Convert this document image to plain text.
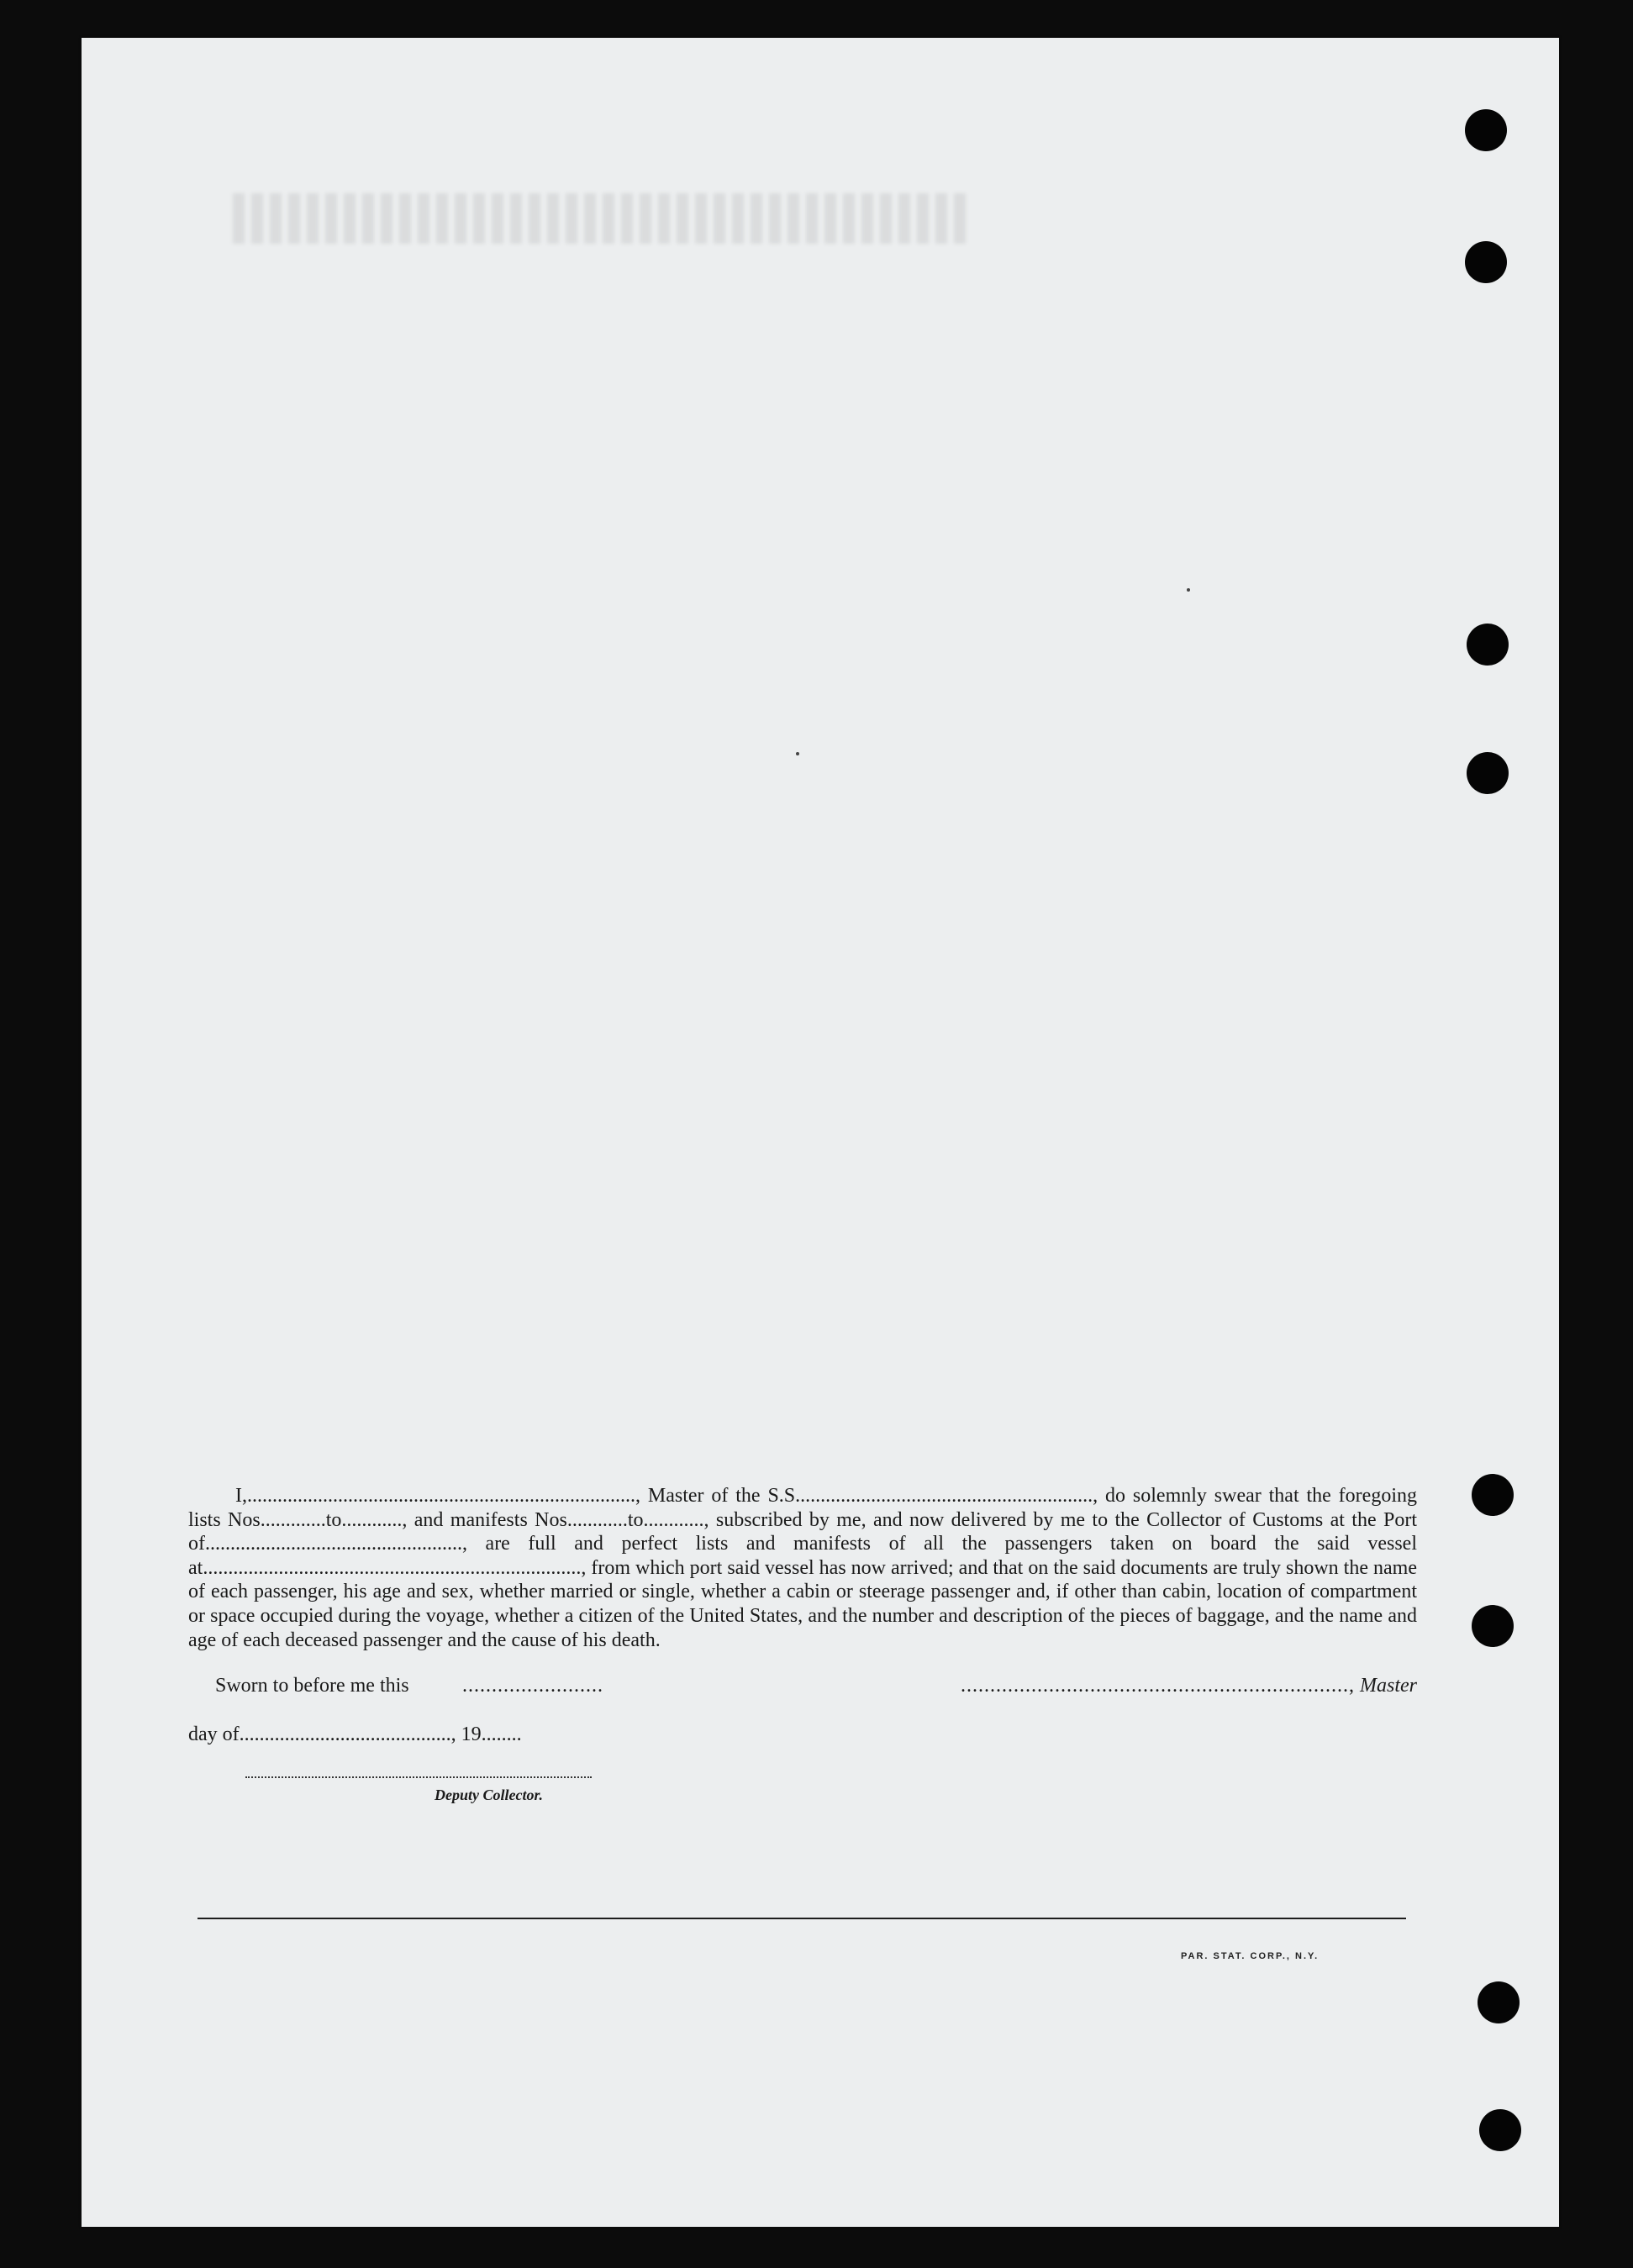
I,............................................................................., Master of the S.S..........................................................., do solemnly swear that the foregoing lists Nos.............to............, and manifests Nos............to............, subscribed by me, and now delivered by me to the Collector of Customs at the Port of..................................................., are full and perfect lists and manifests of all the passengers taken on board the said vessel at..........................................................................., from which port said vessel has now arrived; and that on the said documents are truly shown the name of each passenger, his age and sex, whether married or single, whether a cabin or steerage passenger and, if other than cabin, location of compartment or space occupied during the voyage, whether a citizen of the United States, and the number and description of the pieces of baggage, and the name and age of each deceased passenger and the cause of his death.

Sworn to before me this	........................	.................................................................., Master
day of.........................................., 19........
Deputy Collector.
PAR. STAT. CORP., N.Y.
